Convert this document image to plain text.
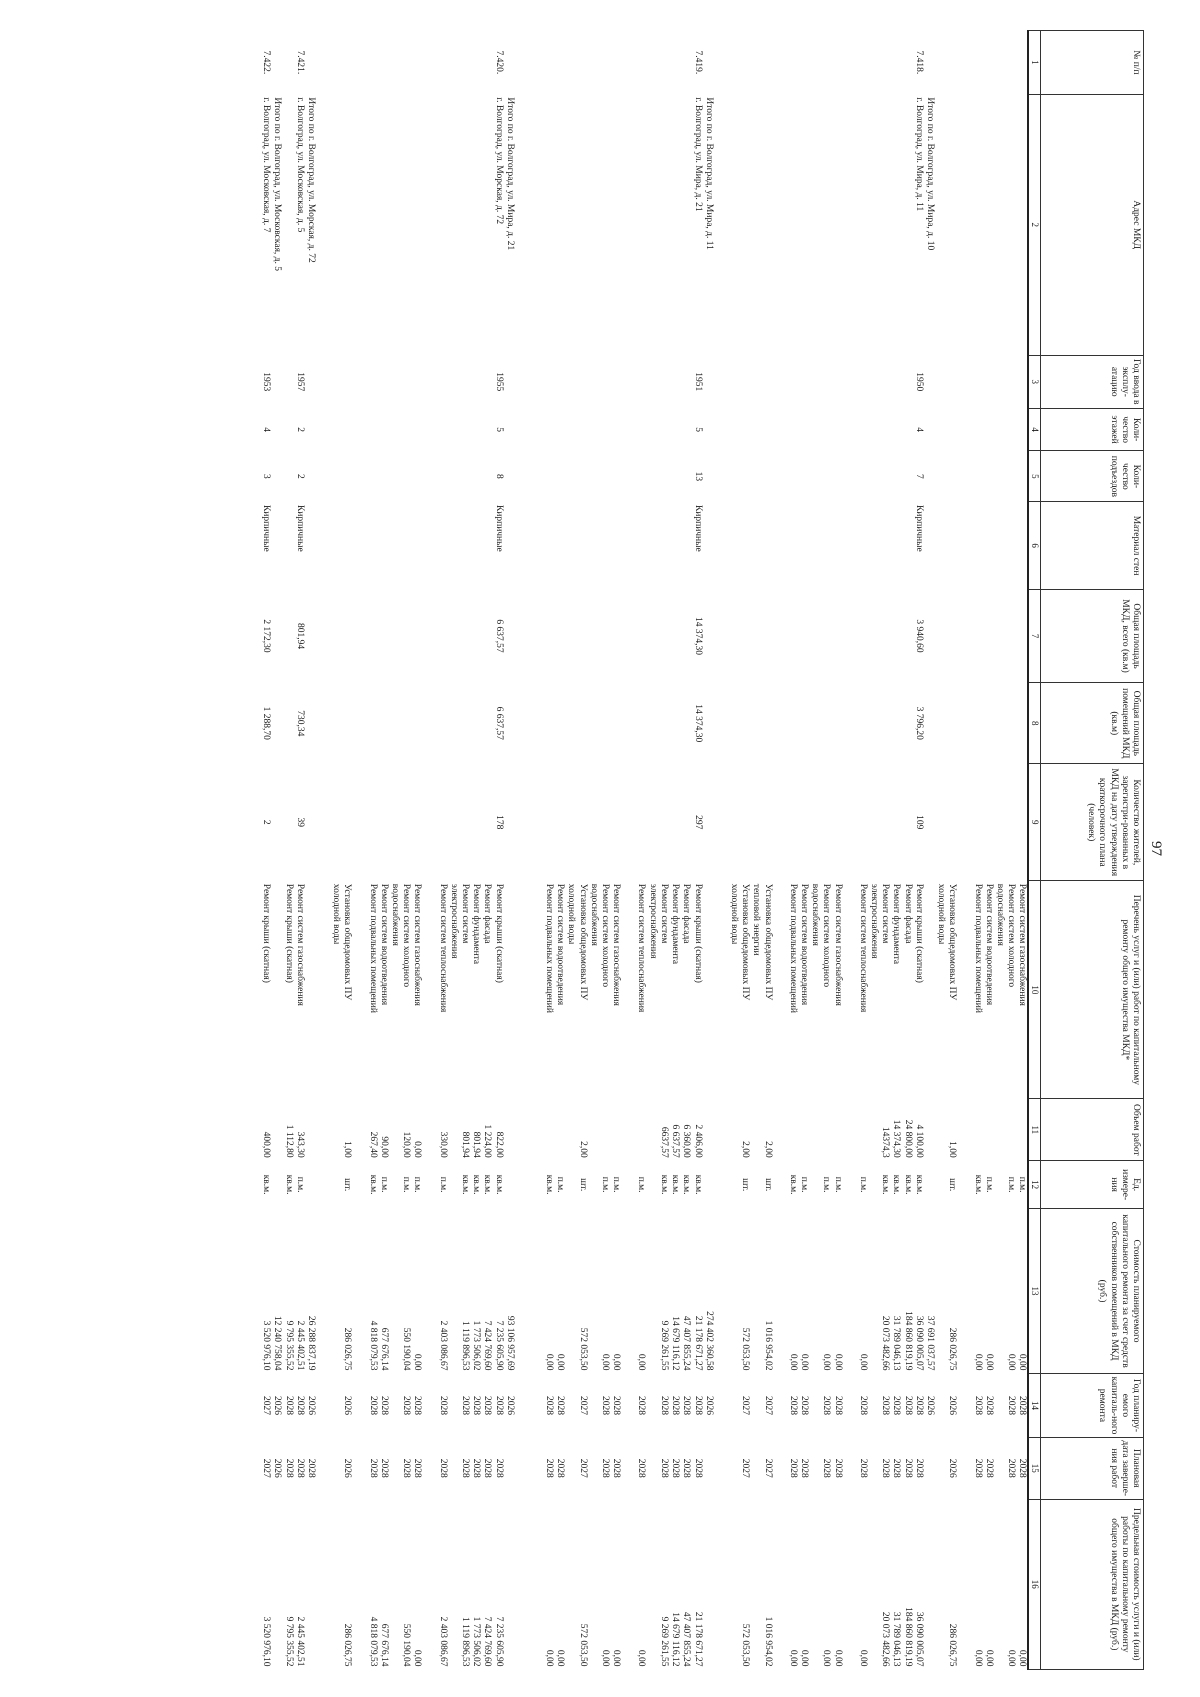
97
№ п/п	Адрес МКД	Год ввода в эксплу-атацию	Коли-чество этажей	Коли-чество подъездов	Материал стен	Общая площадь МКД, всего (кв.м)	Общая площадь помещений МКД (кв.м)	Количество жителей, зарегистри-рованных в МКД на дату утверждения краткосрочного плана (человек)	Перечень услуг и (или) работ по капитальному ремонту общего имущества МКД*	Объем работ	Ед. измере-ния	Стоимость планируемого капитального ремонта за счет средств собственников помещений в МКД (руб.)	Год планиру-емого капиталь-ного ремонта	Плановая дата заверше-ния работ	Предельная стоимость услуги и (или) работы по капитальному ремонту общего имущества в МКД (руб.)
1	2	3	4	5	6	7	8	9	10	11	12	13	14	15	16
									Ремонт систем газоснабжения		п.м.	0,00	2028	2028	0,00
									Ремонт систем холодного		п.м.	0,00	2028	2028	0,00
									водоснабжения						
									Ремонт систем водоотведения		п.м.	0,00	2028	2028	0,00
									Ремонт подвальных помещений		кв.м.	0,00	2028	2028	0,00

									Установка общедомовых ПУ	1,00	шт.	286 026,75	2026	2026	286 026,75
									холодной воды						
	Итого по г. Волгоград, ул. Мира, д. 10											37 691 037,57	2026		
7.418.	г. Волгоград, ул. Мира, д. 11	1950	4	7	Кирпичные	3 940,60	3 796,20	109	Ремонт крыши (скатная)	4 100,00	кв.м.	36 090 005,07	2028	2028	36 090 005,07
									Ремонт фасада	24 800,00	кв.м.	184 860 819,19	2028	2028	184 860 819,19
									Ремонт фундамента	14 374,30	кв.м.	31 789 046,13	2028	2028	31 789 046,13
									Ремонт систем	14374,3	кв.м.	20 073 482,66	2028	2028	20 073 482,66
									электроснабжения						
									Ремонт систем теплоснабжения		п.м.	0,00	2028	2028	0,00

									Ремонт систем газоснабжения		п.м.	0,00	2028	2028	0,00
									Ремонт систем холодного		п.м.	0,00	2028	2028	0,00
									водоснабжения						
									Ремонт систем водоотведения		п.м.	0,00	2028	2028	0,00
									Ремонт подвальных помещений		кв.м.	0,00	2028	2028	0,00

									Установка общедомовых ПУ	2,00	шт.	1 016 954,02	2027	2027	1 016 954,02
									тепловой энергии						
									Установка общедомовых ПУ	2,00	шт.	572 053,50	2027	2027	572 053,50
									холодной воды						

	Итого по г. Волгоград, ул. Мира, д. 11											274 402 360,58	2026		
7.419.	г. Волгоград, ул. Мира, д. 21	1951	5	13	Кирпичные	14 374,30	14 374,30	297	Ремонт крыши (скатная)	2 406,00	кв.м.	21 178 671,27	2028	2028	21 178 671,27
									Ремонт фасада	6 360,00	кв.м.	47 407 855,24	2028	2028	47 407 855,24
									Ремонт фундамента	6 637,57	кв.м.	14 679 116,12	2028	2028	14 679 116,12
									Ремонт систем	6637,57	кв.м.	9 269 261,55	2028	2028	9 269 261,55
									электроснабжения						
									Ремонт систем теплоснабжения		п.м.	0,00	2028	2028	0,00

									Ремонт систем газоснабжения		п.м.	0,00	2028	2028	0,00
									Ремонт систем холодного		п.м.	0,00	2028	2028	0,00
									водоснабжения						
									Установка общедомовых ПУ	2,00	шт.	572 053,50	2027	2027	572 053,50
									холодной воды						
									Ремонт систем водоотведения		п.м.	0,00	2028	2028	0,00
									Ремонт подвальных помещений		кв.м.	0,00	2028	2028	0,00

	Итого по г. Волгоград, ул. Мира, д. 21											93 106 957,69	2026		
7.420.	г. Волгоград, ул. Морская, д. 72	1955	5	8	Кирпичные	6 637,57	6 637,57	178	Ремонт крыши (скатная)	822,00	кв.м.	7 235 605,90	2028	2028	7 235 605,90
									Ремонт фасада	1 224,00	кв.м.	7 424 769,60	2028	2028	7 424 769,60
									Ремонт фундамента	801,94	кв.м.	1 773 506,02	2028	2028	1 773 506,02
									Ремонт систем	801,94	кв.м.	1 119 896,53	2028	2028	1 119 896,53
									электроснабжения						
									Ремонт систем теплоснабжения	330,00	п.м.	2 403 086,67	2028	2028	2 403 086,67

									Ремонт систем газоснабжения	0,00	п.м.	0,00	2028	2028	0,00
									Ремонт систем холодного	120,00	п.м.	550 190,04	2028	2028	550 190,04
									водоснабжения						
									Ремонт систем водоотведения	90,00	п.м.	677 676,14	2028	2028	677 676,14
									Ремонт подвальных помещений	267,40	кв.м.	4 818 079,53	2028	2028	4 818 079,53

									Установка общедомовых ПУ	1,00	шт.	286 026,75	2026	2026	286 026,75
									холодной воды						

	Итого по г. Волгоград, ул. Морская, д. 72											26 288 837,19	2026	2028	
7.421.	г. Волгоград, ул. Московская, д. 5	1957	2	2	Кирпичные	801,94	730,34	39	Ремонт систем газоснабжения	343,30	п.м.	2 445 402,51	2028	2028	2 445 402,51
									Ремонт крыши (скатная)	1 112,80	кв.м.	9 795 355,52	2028	2028	9 795 355,52
	Итого по г. Волгоград, ул. Московская, д. 5											12 240 758,04	2026	2026	
7.422.	г. Волгоград, ул. Московская, д. 7	1953	4	3	Кирпичные	2 172,30	1 288,70	2	Ремонт крыши (скатная)	400,00	кв.м.	3 520 976,10	2027	2027	3 520 976,10
